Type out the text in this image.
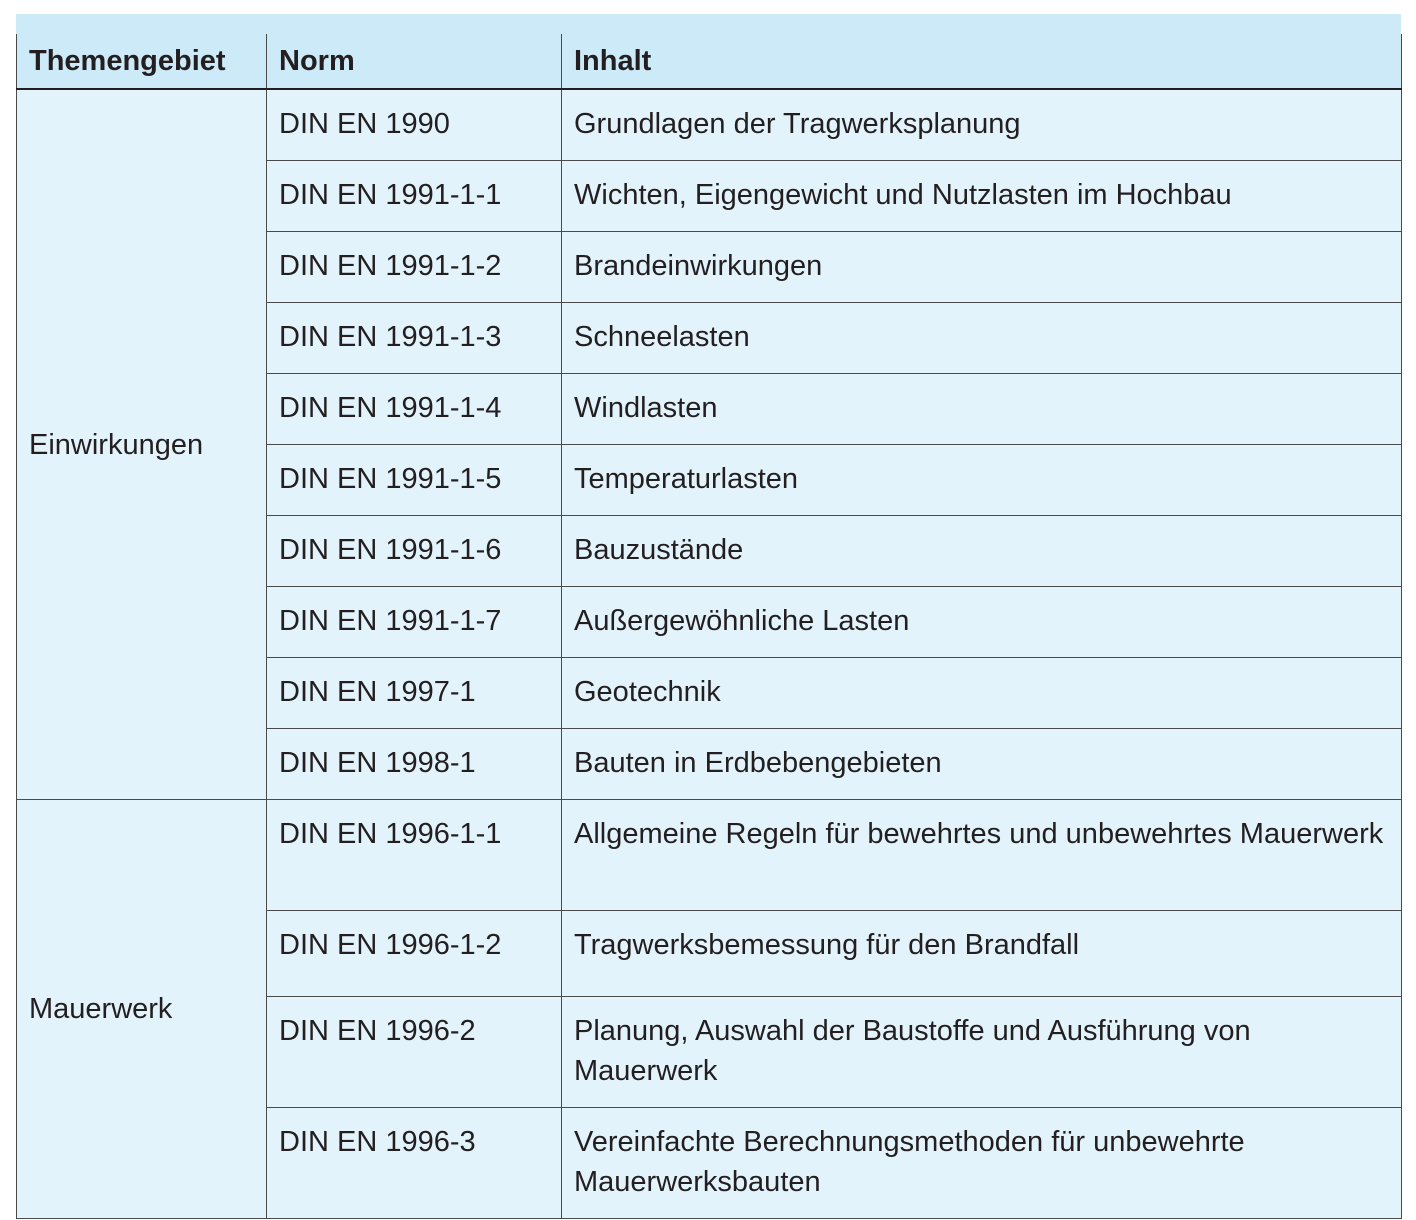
Themengebiet	Norm	Inhalt
Einwirkungen	DIN EN 1990	Grundlagen der Tragwerksplanung
	DIN EN 1991-1-1	Wichten, Eigengewicht und Nutzlasten im Hochbau
	DIN EN 1991-1-2	Brandeinwirkungen
	DIN EN 1991-1-3	Schneelasten
	DIN EN 1991-1-4	Windlasten
	DIN EN 1991-1-5	Temperaturlasten
	DIN EN 1991-1-6	Bauzustände
	DIN EN 1991-1-7	Außergewöhnliche Lasten
	DIN EN 1997-1	Geotechnik
	DIN EN 1998-1	Bauten in Erdbebengebieten
Mauerwerk	DIN EN 1996-1-1	Allgemeine Regeln für bewehrtes und unbewehrtes Mauerwerk
	DIN EN 1996-1-2	Tragwerksbemessung für den Brandfall
	DIN EN 1996-2	Planung, Auswahl der Baustoffe und Ausführung von Mauerwerk
	DIN EN 1996-3	Vereinfachte Berechnungsmethoden für unbewehrte Mauerwerksbauten
